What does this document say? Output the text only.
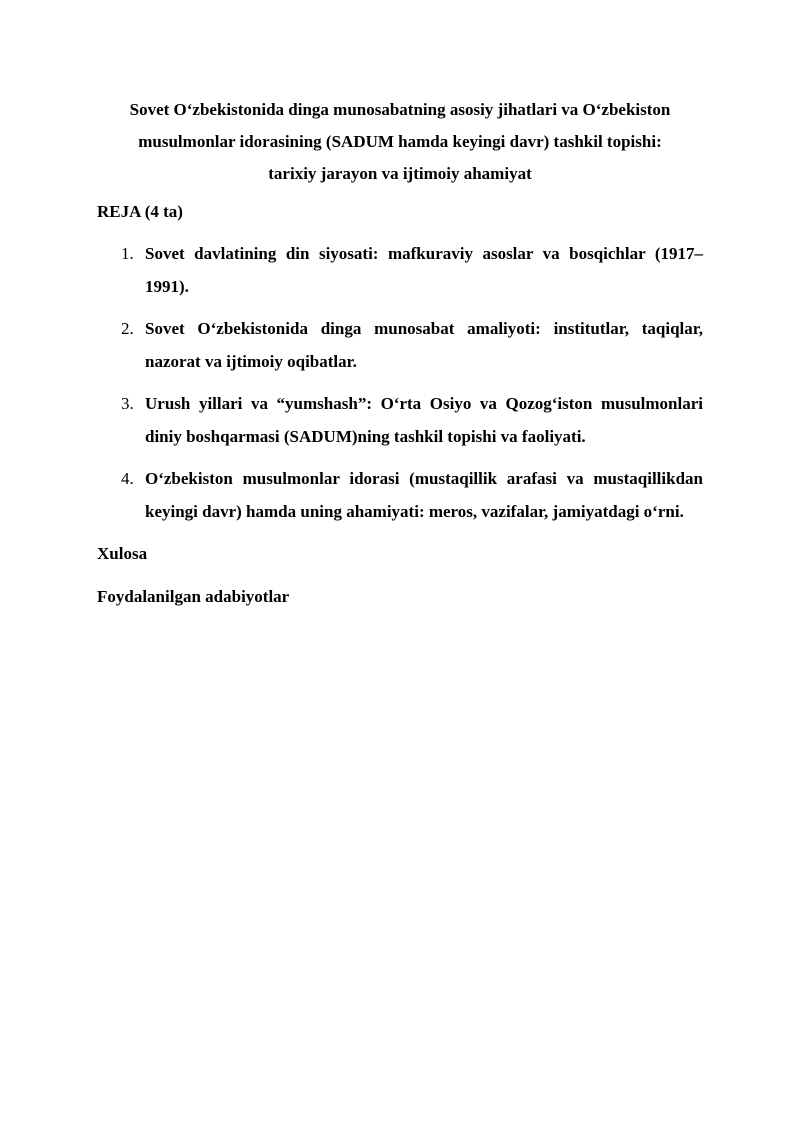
Sovet O‘zbekistonida dinga munosabatning asosiy jihatlari va O‘zbekiston
musulmonlar idorasining (SADUM hamda keyingi davr) tashkil topishi:
tarixiy jarayon va ijtimoiy ahamiyat

REJA (4 ta)

1. Sovet davlatining din siyosati: mafkuraviy asoslar va bosqichlar (1917–1991).
2. Sovet O‘zbekistonida dinga munosabat amaliyoti: institutlar, taqiqlar, nazorat va ijtimoiy oqibatlar.
3. Urush yillari va “yumshash”: O‘rta Osiyo va Qozog‘iston musulmonlari diniy boshqarmasi (SADUM)ning tashkil topishi va faoliyati.
4. O‘zbekiston musulmonlar idorasi (mustaqillik arafasi va mustaqillikdan keyingi davr) hamda uning ahamiyati: meros, vazifalar, jamiyatdagi o‘rni.

Xulosa

Foydalanilgan adabiyotlar
